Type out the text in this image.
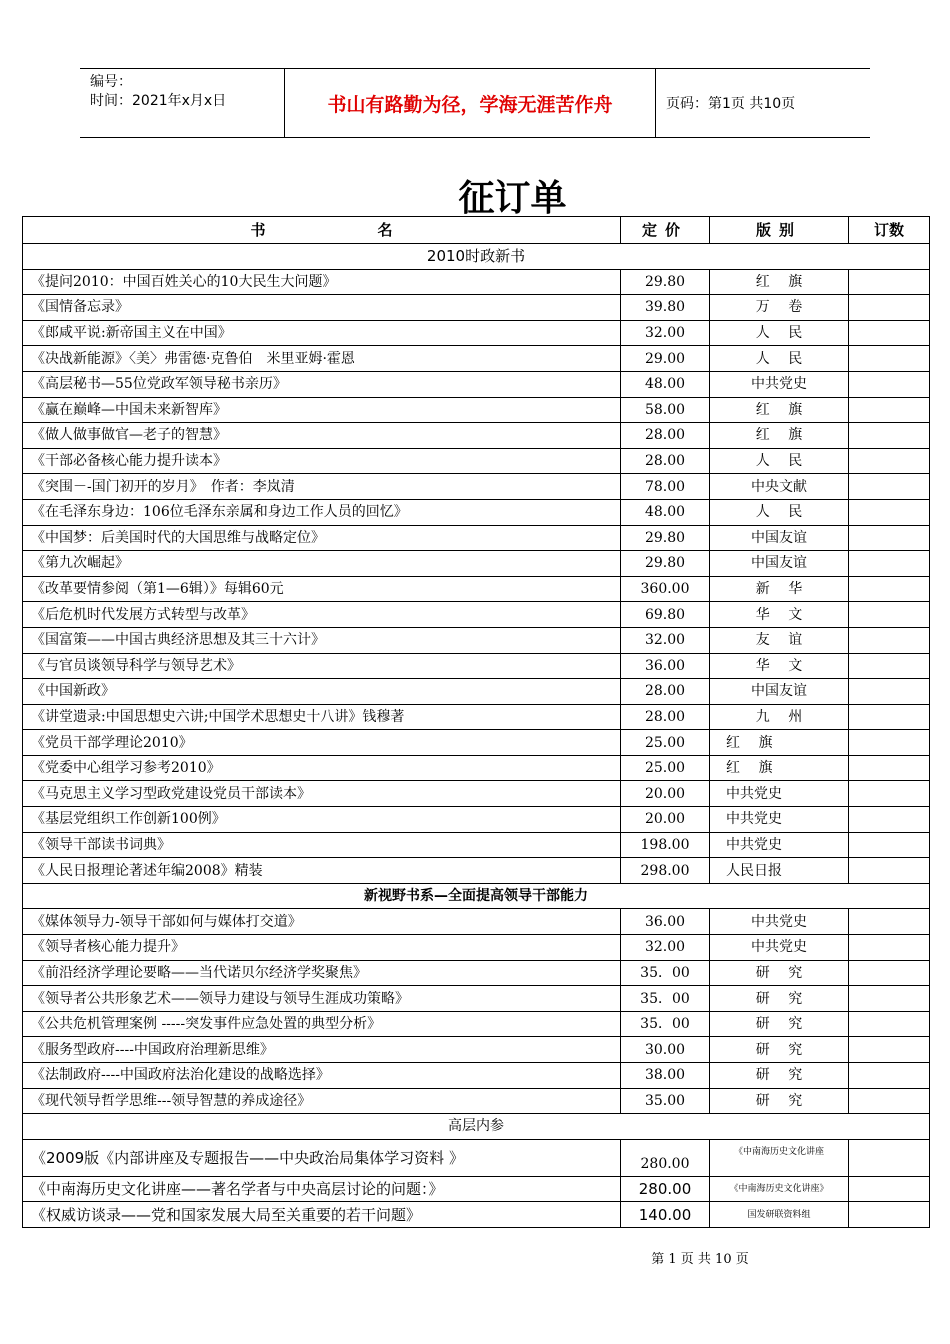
编号：
时间：2021年x月x日	书山有路勤为径，学海无涯苦作舟	页码：第1页 共10页
征订单
书名	定价	版别	订数
2010时政新书			
《提问2010：中国百姓关心的10大民生大问题》	29.80	红　 旗	
《国情备忘录》	39.80	万　 卷	
《郎咸平说:新帝国主义在中国》	32.00	人　 民	
《决战新能源》〈美〉弗雷德·克鲁伯　米里亚姆·霍恩	29.00	人　 民	
《高层秘书—55位党政军领导秘书亲历》	48.00	中共党史	
《赢在巅峰—中国未来新智库》	58.00	红　 旗	
《做人做事做官—老子的智慧》	28.00	红　 旗	
《干部必备核心能力提升读本》	28.00	人　 民	
《突围－-国门初开的岁月》　作者：李岚清	78.00	中央文献	
《在毛泽东身边：106位毛泽东亲属和身边工作人员的回忆》	48.00	人　 民	
《中国梦：后美国时代的大国思维与战略定位》	29.80	中国友谊	
《第九次崛起》	29.80	中国友谊	
《改革要情参阅（第1—6辑）》每辑60元	360.00	新　 华	
《后危机时代发展方式转型与改革》	69.80	华　 文	
《国富策——中国古典经济思想及其三十六计》	32.00	友　 谊	
《与官员谈领导科学与领导艺术》	36.00	华　 文	
《中国新政》	28.00	中国友谊	
《讲堂遗录:中国思想史六讲;中国学术思想史十八讲》钱穆著	28.00	九　 州	
《党员干部学理论2010》	25.00	红　 旗	
《党委中心组学习参考2010》	25.00	红　 旗	
《马克思主义学习型政党建设党员干部读本》	20.00	中共党史	
《基层党组织工作创新100例》	20.00	中共党史	
《领导干部读书词典》	198.00	中共党史	
《人民日报理论著述年编2008》精装	298.00	人民日报	
新视野书系—全面提高领导干部能力			
《媒体领导力-领导干部如何与媒体打交道》	36.00	中共党史	
《领导者核心能力提升》	32.00	中共党史	
《前沿经济学理论要略——当代诺贝尔经济学奖聚焦》	35．00	研　 究	
《领导者公共形象艺术——领导力建设与领导生涯成功策略》	35．00	研　 究	
《公共危机管理案例 -----突发事件应急处置的典型分析》	35．00	研　 究	
《服务型政府----中国政府治理新思维》	30.00	研　 究	
《法制政府----中国政府法治化建设的战略选择》	38.00	研　 究	
《现代领导哲学思维---领导智慧的养成途径》	35.00	研　 究	
高层内参			
《2009版《内部讲座及专题报告——中央政治局集体学习资料 》	280.00	《中南海历史文化讲座	
《中南海历史文化讲座——著名学者与中央高层讨论的问题：》	280.00	《中南海历史文化讲座》	
《权威访谈录——党和国家发展大局至关重要的若干问题》	140.00	国发研联资料组	
第 1 页 共 10 页
